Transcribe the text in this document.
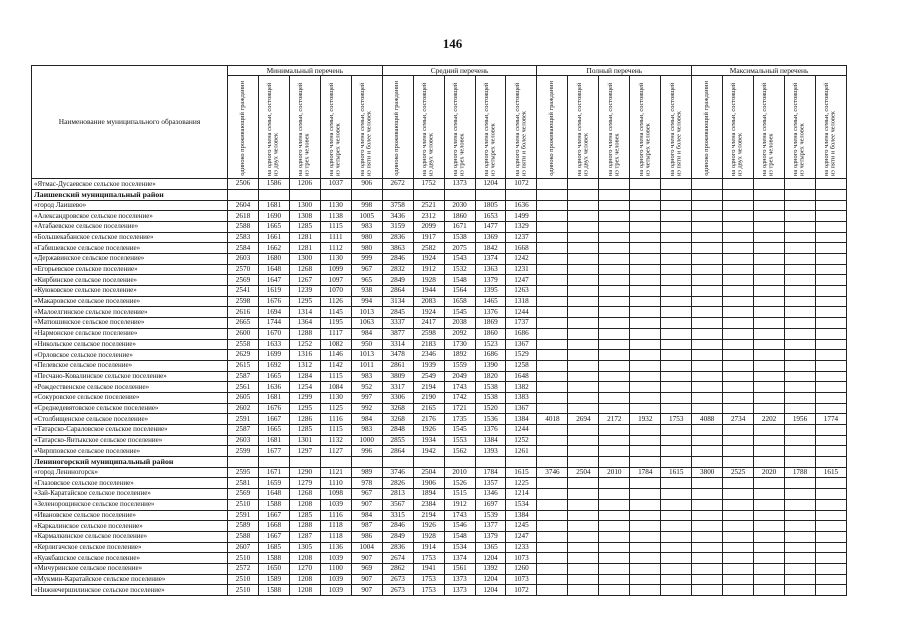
146
Наименование муниципального образования	Минимальный перечень					Средний перечень					Полный перечень					Максимальный перечень				
	одиноко проживающий гражданин	на одного члена семьи, состоящей из двух человек	на одного члена семьи, состоящей из трех человек	на одного члена семьи, состоящей из четырех человек	на одного члена семьи, состоящей из пяти и более человек	одиноко проживающий гражданин	на одного члена семьи, состоящей из двух человек	на одного члена семьи, состоящей из трех человек	на одного члена семьи, состоящей из четырех человек	на одного члена семьи, состоящей из пяти и более человек	одиноко проживающий гражданин	на одного члена семьи, состоящей из двух человек	на одного члена семьи, состоящей из трех человек	на одного члена семьи, состоящей из четырех человек	на одного члена семьи, состоящей из пяти и более человек	одиноко проживающий гражданин	на одного члена семьи, состоящей из двух человек	на одного члена семьи, состоящей из трех человек	на одного члена семьи, состоящей из четырех человек	на одного члена семьи, состоящей из пяти и более человек
«Ятмас-Дусаевское сельское поселение»	2506	1586	1206	1037	906	2672	1752	1373	1204	1072										
Лаишевский муниципальный район																				
«город Лаишево»	2604	1681	1300	1130	998	3758	2521	2030	1805	1636										
«Александровское сельское поселение»	2618	1690	1308	1138	1005	3436	2312	1860	1653	1499										
«Атабаевское сельское поселение»	2588	1665	1285	1115	983	3159	2099	1671	1477	1329										
«Большекабанское сельское поселение»	2583	1661	1281	1111	980	2836	1917	1538	1369	1237										
«Габишевское сельское поселение»	2584	1662	1281	1112	980	3863	2582	2075	1842	1668										
«Державинское сельское поселение»	2603	1680	1300	1130	999	2846	1924	1543	1374	1242										
«Егорьевское сельское поселение»	2570	1648	1268	1099	967	2832	1912	1532	1363	1231										
«Кирбинское сельское поселение»	2569	1647	1267	1097	965	2849	1928	1548	1379	1247										
«Куюковское сельское поселение»	2541	1619	1239	1070	938	2864	1944	1564	1395	1263										
«Макаровское сельское поселение»	2598	1676	1295	1126	994	3134	2083	1658	1465	1318										
«Малоелгинское сельское поселение»	2616	1694	1314	1145	1013	2845	1924	1545	1376	1244										
«Матюшинское сельское поселение»	2665	1744	1364	1195	1063	3337	2417	2038	1869	1737										
«Нармонское сельское поселение»	2600	1670	1288	1117	984	3877	2598	2092	1860	1686										
«Никольское сельское поселение»	2558	1633	1252	1082	950	3314	2183	1730	1523	1367										
«Орловское сельское поселение»	2629	1699	1316	1146	1013	3478	2346	1892	1686	1529										
«Пелевское сельское поселение»	2615	1692	1312	1142	1011	2861	1939	1559	1390	1258										
«Песчано-Ковалинское сельское поселение»	2587	1665	1284	1115	983	3809	2549	2049	1820	1648										
«Рождественское сельское поселение»	2561	1636	1254	1084	952	3317	2194	1743	1538	1382										
«Сокуровское сельское поселение»	2605	1681	1299	1130	997	3306	2190	1742	1538	1383										
«Среднедевятовское сельское поселение»	2602	1676	1295	1125	992	3268	2165	1721	1520	1367										
«Столбищенское сельское поселение»	2591	1667	1286	1116	984	3268	2176	1735	1536	1384	4018	2694	2172	1932	1753	4088	2734	2202	1956	1774
«Татарско-Сараловское сельское поселение»	2587	1665	1285	1115	983	2848	1926	1545	1376	1244										
«Татарско-Янтыкское сельское поселение»	2603	1681	1301	1132	1000	2855	1934	1553	1384	1252										
«Чирпповское сельское поселение»	2599	1677	1297	1127	996	2864	1942	1562	1393	1261										
Лениногорский муниципальный район																				
«город Лениногорск»	2595	1671	1290	1121	989	3746	2504	2010	1784	1615	3746	2504	2010	1784	1615	3800	2525	2020	1788	1615
«Глазовское сельское поселение»	2581	1659	1279	1110	978	2826	1906	1526	1357	1225										
«Зай-Каратайское сельское поселение»	2569	1648	1268	1098	967	2813	1894	1515	1346	1214										
«Зеленорощинское сельское поселение»	2510	1588	1208	1039	907	3567	2384	1912	1697	1534										
«Ивановское сельское поселение»	2591	1667	1285	1116	984	3315	2194	1743	1539	1384										
«Каркалинское сельское поселение»	2589	1668	1288	1118	987	2846	1926	1546	1377	1245										
«Кармалкинское сельское поселение»	2588	1667	1287	1118	986	2849	1928	1548	1379	1247										
«Керлигачское сельское поселение»	2607	1685	1305	1136	1004	2836	1914	1534	1365	1233										
«Куакбашское сельское поселение»	2510	1588	1208	1039	907	2674	1753	1374	1204	1073										
«Мичуринское сельское поселение»	2572	1650	1270	1100	969	2862	1941	1561	1392	1260										
«Мукмин-Каратайское сельское поселение»	2510	1589	1208	1039	907	2673	1753	1373	1204	1073										
«Нижнечершилинское сельское поселение»	2510	1588	1208	1039	907	2673	1753	1373	1204	1072										
